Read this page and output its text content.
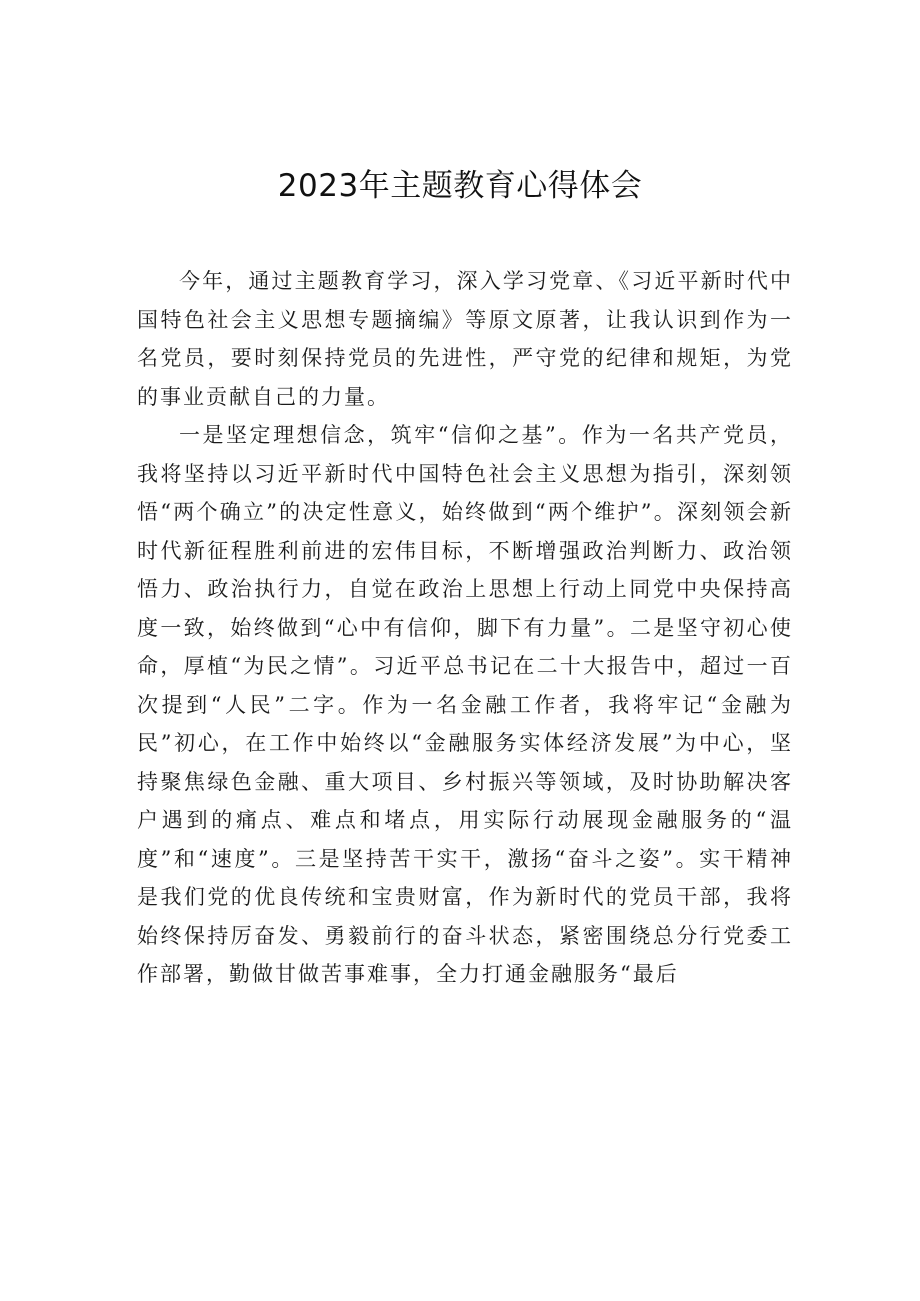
2023年主题教育心得体会

今年，通过主题教育学习，深入学习党章、《习近平新时代中国特色社会主义思想专题摘编》等原文原著，让我认识到作为一名党员，要时刻保持党员的先进性，严守党的纪律和规矩，为党的事业贡献自己的力量。

一是坚定理想信念，筑牢“信仰之基”。作为一名共产党员，我将坚持以习近平新时代中国特色社会主义思想为指引，深刻领悟“两个确立”的决定性意义，始终做到“两个维护”。深刻领会新时代新征程胜利前进的宏伟目标，不断增强政治判断力、政治领悟力、政治执行力，自觉在政治上思想上行动上同党中央保持高度一致，始终做到“心中有信仰，脚下有力量”。二是坚守初心使命，厚植“为民之情”。习近平总书记在二十大报告中，超过一百次提到“人民”二字。作为一名金融工作者，我将牢记“金融为民”初心，在工作中始终以“金融服务实体经济发展”为中心，坚持聚焦绿色金融、重大项目、乡村振兴等领域，及时协助解决客户遇到的痛点、难点和堵点，用实际行动展现金融服务的“温度”和“速度”。三是坚持苦干实干，激扬“奋斗之姿”。实干精神是我们党的优良传统和宝贵财富，作为新时代的党员干部，我将始终保持厉奋发、勇毅前行的奋斗状态，紧密围绕总分行党委工作部署，勤做甘做苦事难事，全力打通金融服务“最后
